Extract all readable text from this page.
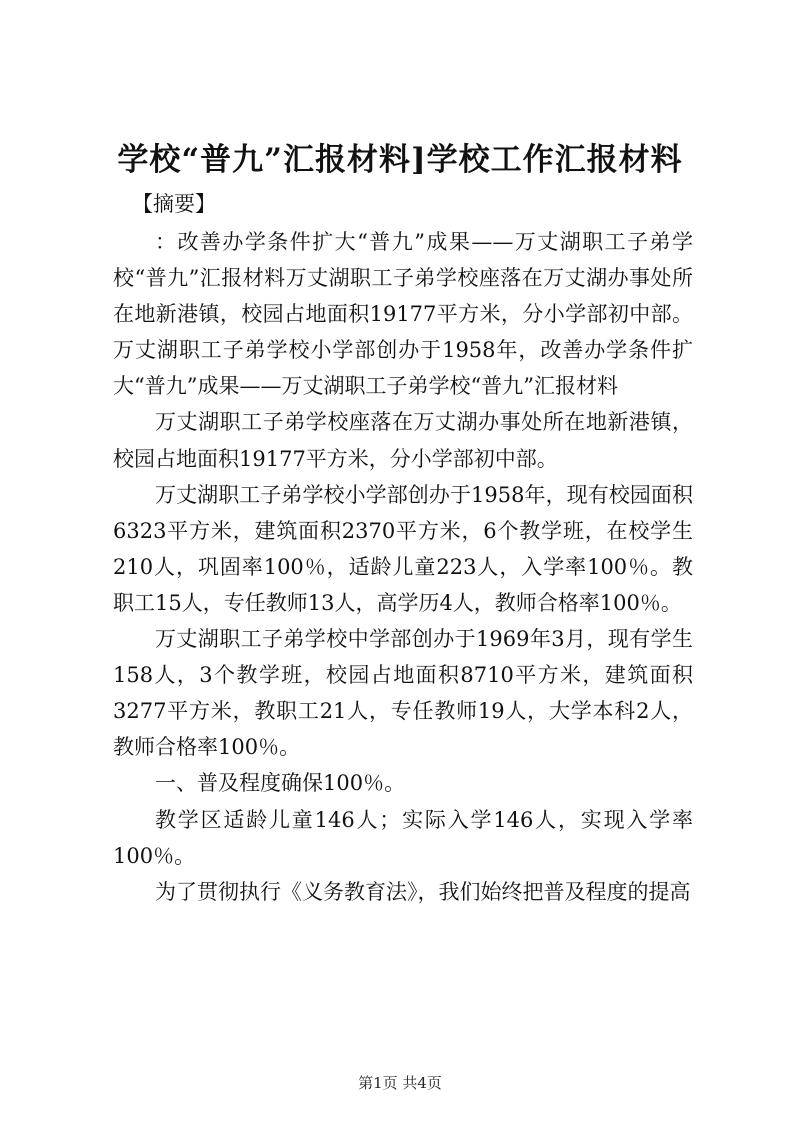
学校“普九”汇报材料]学校工作汇报材料
【摘要】

：改善办学条件扩大“普九”成果——万丈湖职工子弟学校“普九”汇报材料万丈湖职工子弟学校座落在万丈湖办事处所在地新港镇，校园占地面积19177平方米，分小学部初中部。万丈湖职工子弟学校小学部创办于1958年，改善办学条件扩大“普九”成果——万丈湖职工子弟学校“普九”汇报材料

万丈湖职工子弟学校座落在万丈湖办事处所在地新港镇，校园占地面积19177平方米，分小学部初中部。

万丈湖职工子弟学校小学部创办于1958年，现有校园面积6323平方米，建筑面积2370平方米，6个教学班，在校学生210人，巩固率100％，适龄儿童223人，入学率100％。教职工15人，专任教师13人，高学历4人，教师合格率100％。

万丈湖职工子弟学校中学部创办于1969年3月，现有学生158人，3个教学班，校园占地面积8710平方米，建筑面积3277平方米，教职工21人，专任教师19人，大学本科2人，教师合格率100％。

一、普及程度确保100％。

教学区适龄儿童146人；实际入学146人，实现入学率100％。

为了贯彻执行《义务教育法》，我们始终把普及程度的提高

第1页 共4页
